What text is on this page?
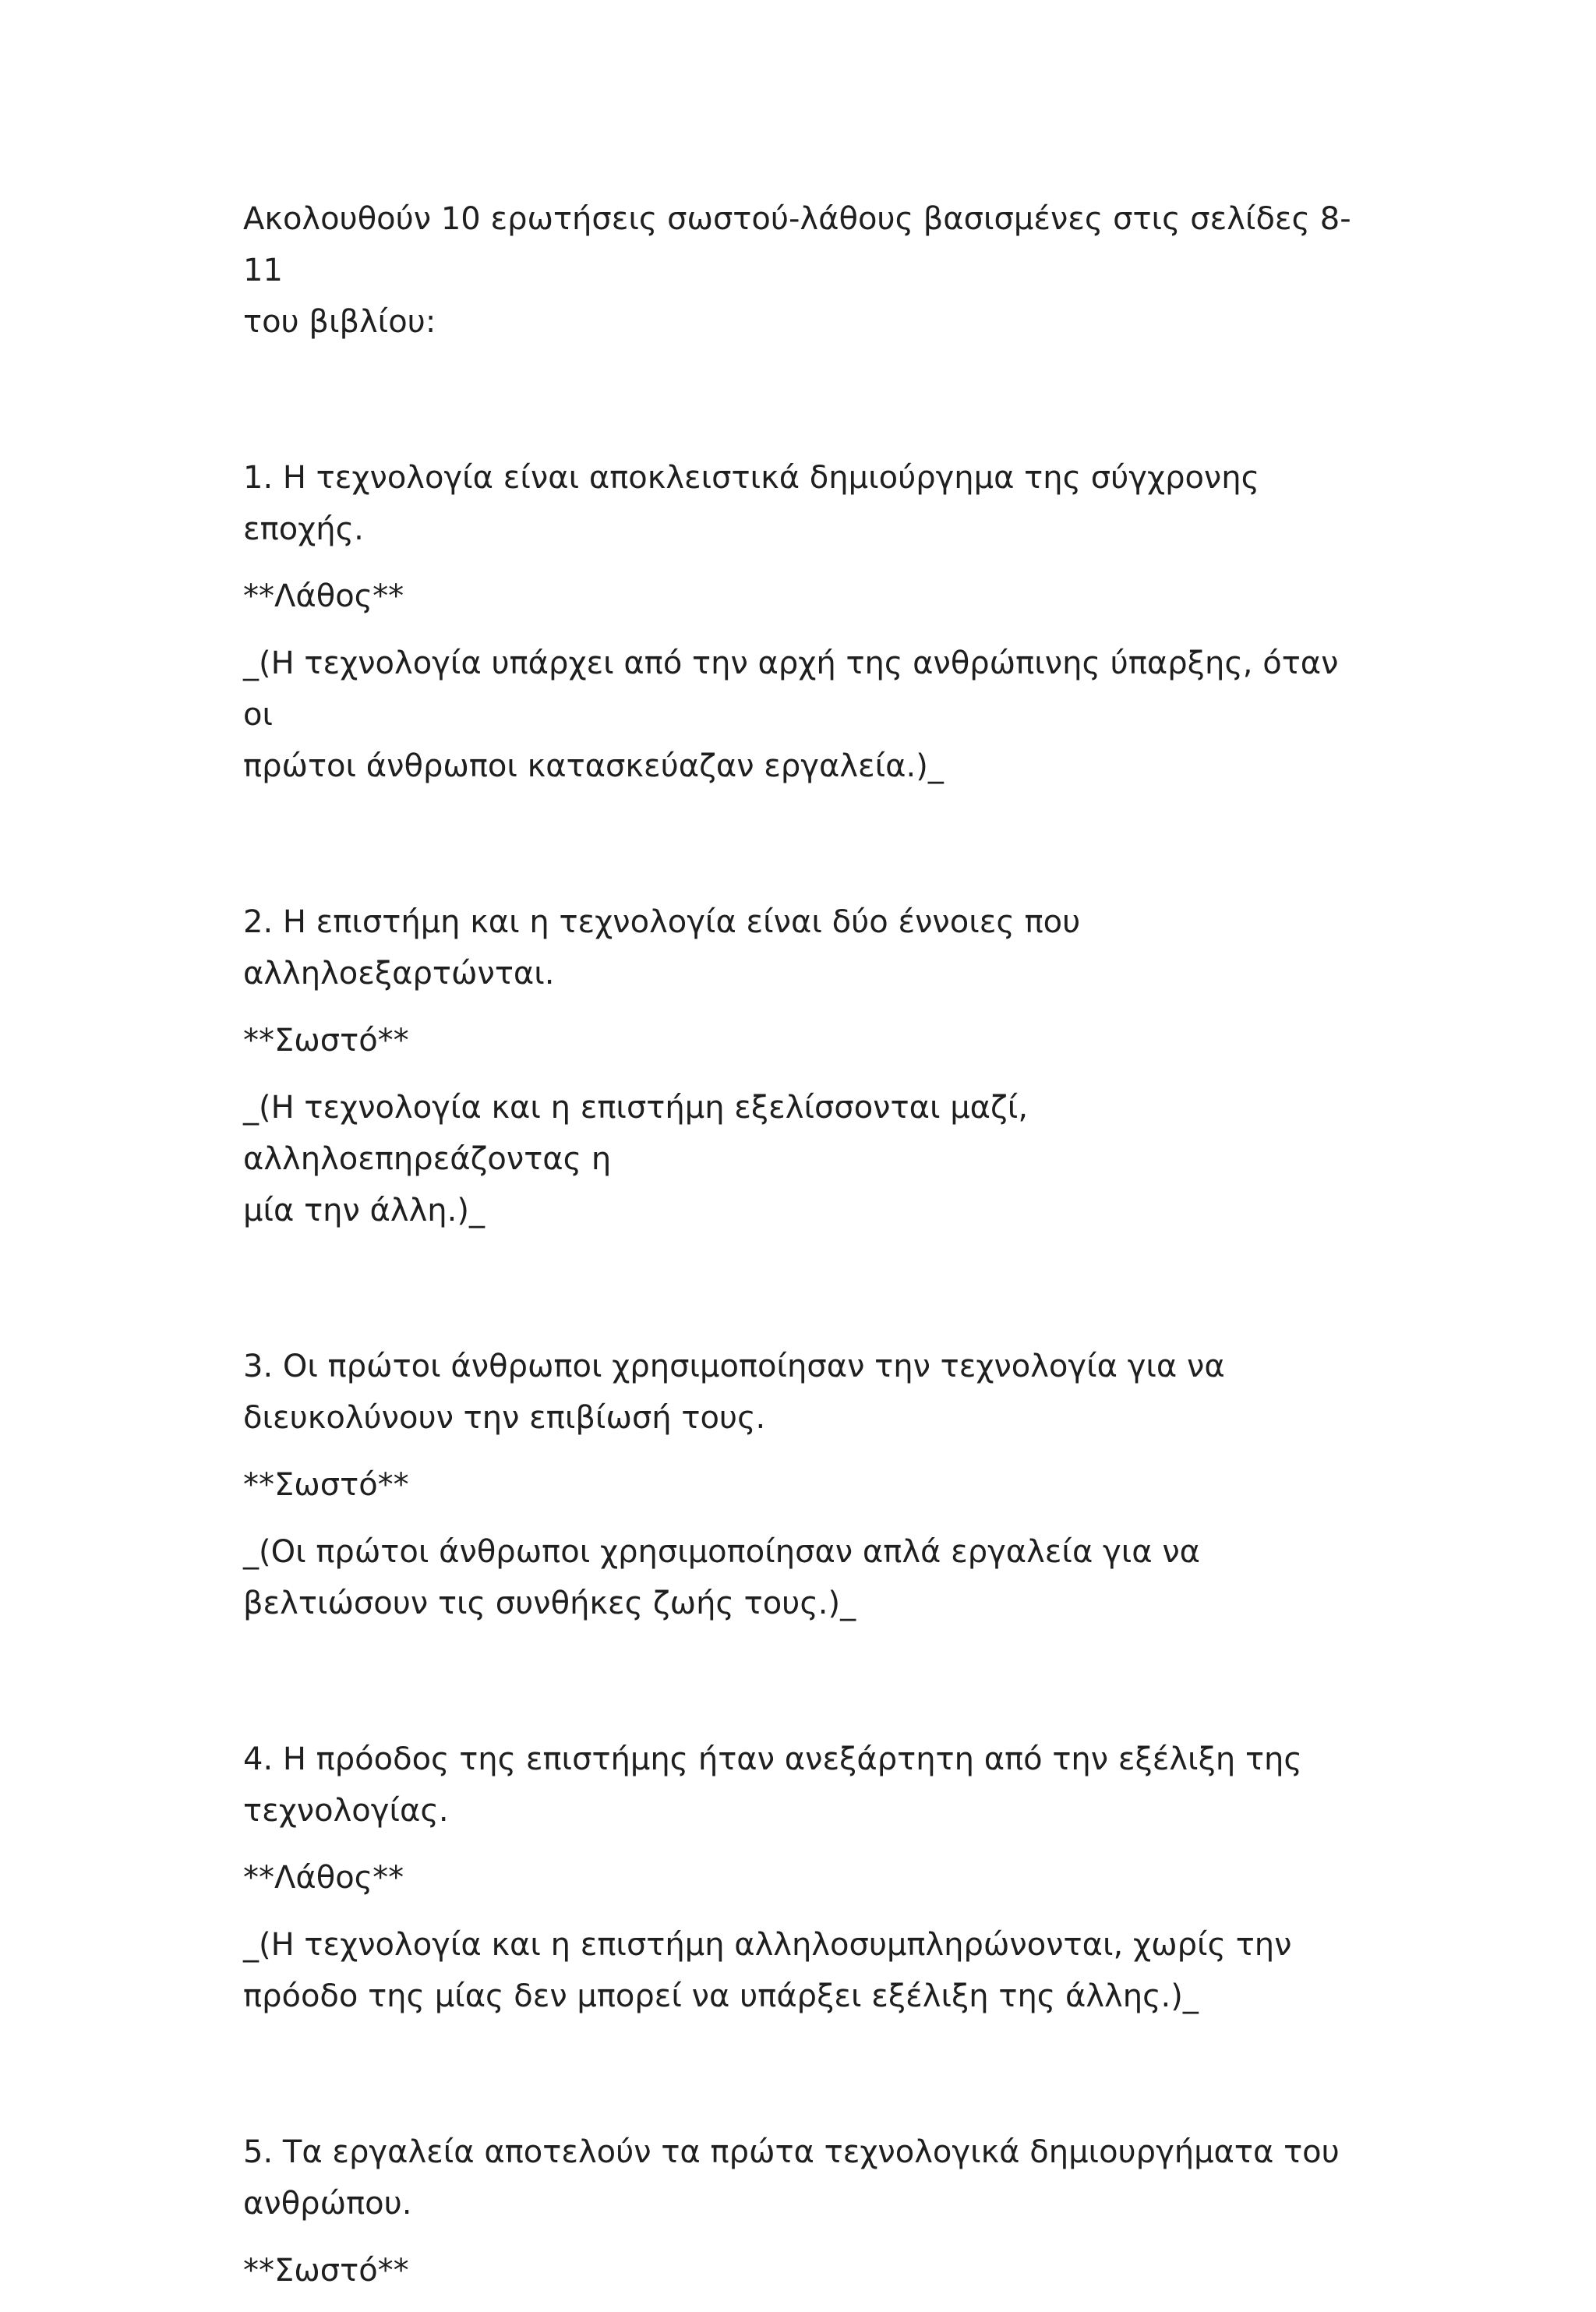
Ακολουθούν 10 ερωτήσεις σωστού-λάθους βασισμένες στις σελίδες 8-11
του βιβλίου:

1. Η τεχνολογία είναι αποκλειστικά δημιούργημα της σύγχρονης εποχής.

**Λάθος**

_(Η τεχνολογία υπάρχει από την αρχή της ανθρώπινης ύπαρξης, όταν οι
πρώτοι άνθρωποι κατασκεύαζαν εργαλεία.)_

2. Η επιστήμη και η τεχνολογία είναι δύο έννοιες που
αλληλοεξαρτώνται.

**Σωστό**

_(Η τεχνολογία και η επιστήμη εξελίσσονται μαζί, αλληλοεπηρεάζοντας η
μία την άλλη.)_

3. Οι πρώτοι άνθρωποι χρησιμοποίησαν την τεχνολογία για να
διευκολύνουν την επιβίωσή τους.

**Σωστό**

_(Οι πρώτοι άνθρωποι χρησιμοποίησαν απλά εργαλεία για να
βελτιώσουν τις συνθήκες ζωής τους.)_

4. Η πρόοδος της επιστήμης ήταν ανεξάρτητη από την εξέλιξη της
τεχνολογίας.

**Λάθος**

_(Η τεχνολογία και η επιστήμη αλληλοσυμπληρώνονται, χωρίς την
πρόοδο της μίας δεν μπορεί να υπάρξει εξέλιξη της άλλης.)_

5. Τα εργαλεία αποτελούν τα πρώτα τεχνολογικά δημιουργήματα του
ανθρώπου.

**Σωστό**
